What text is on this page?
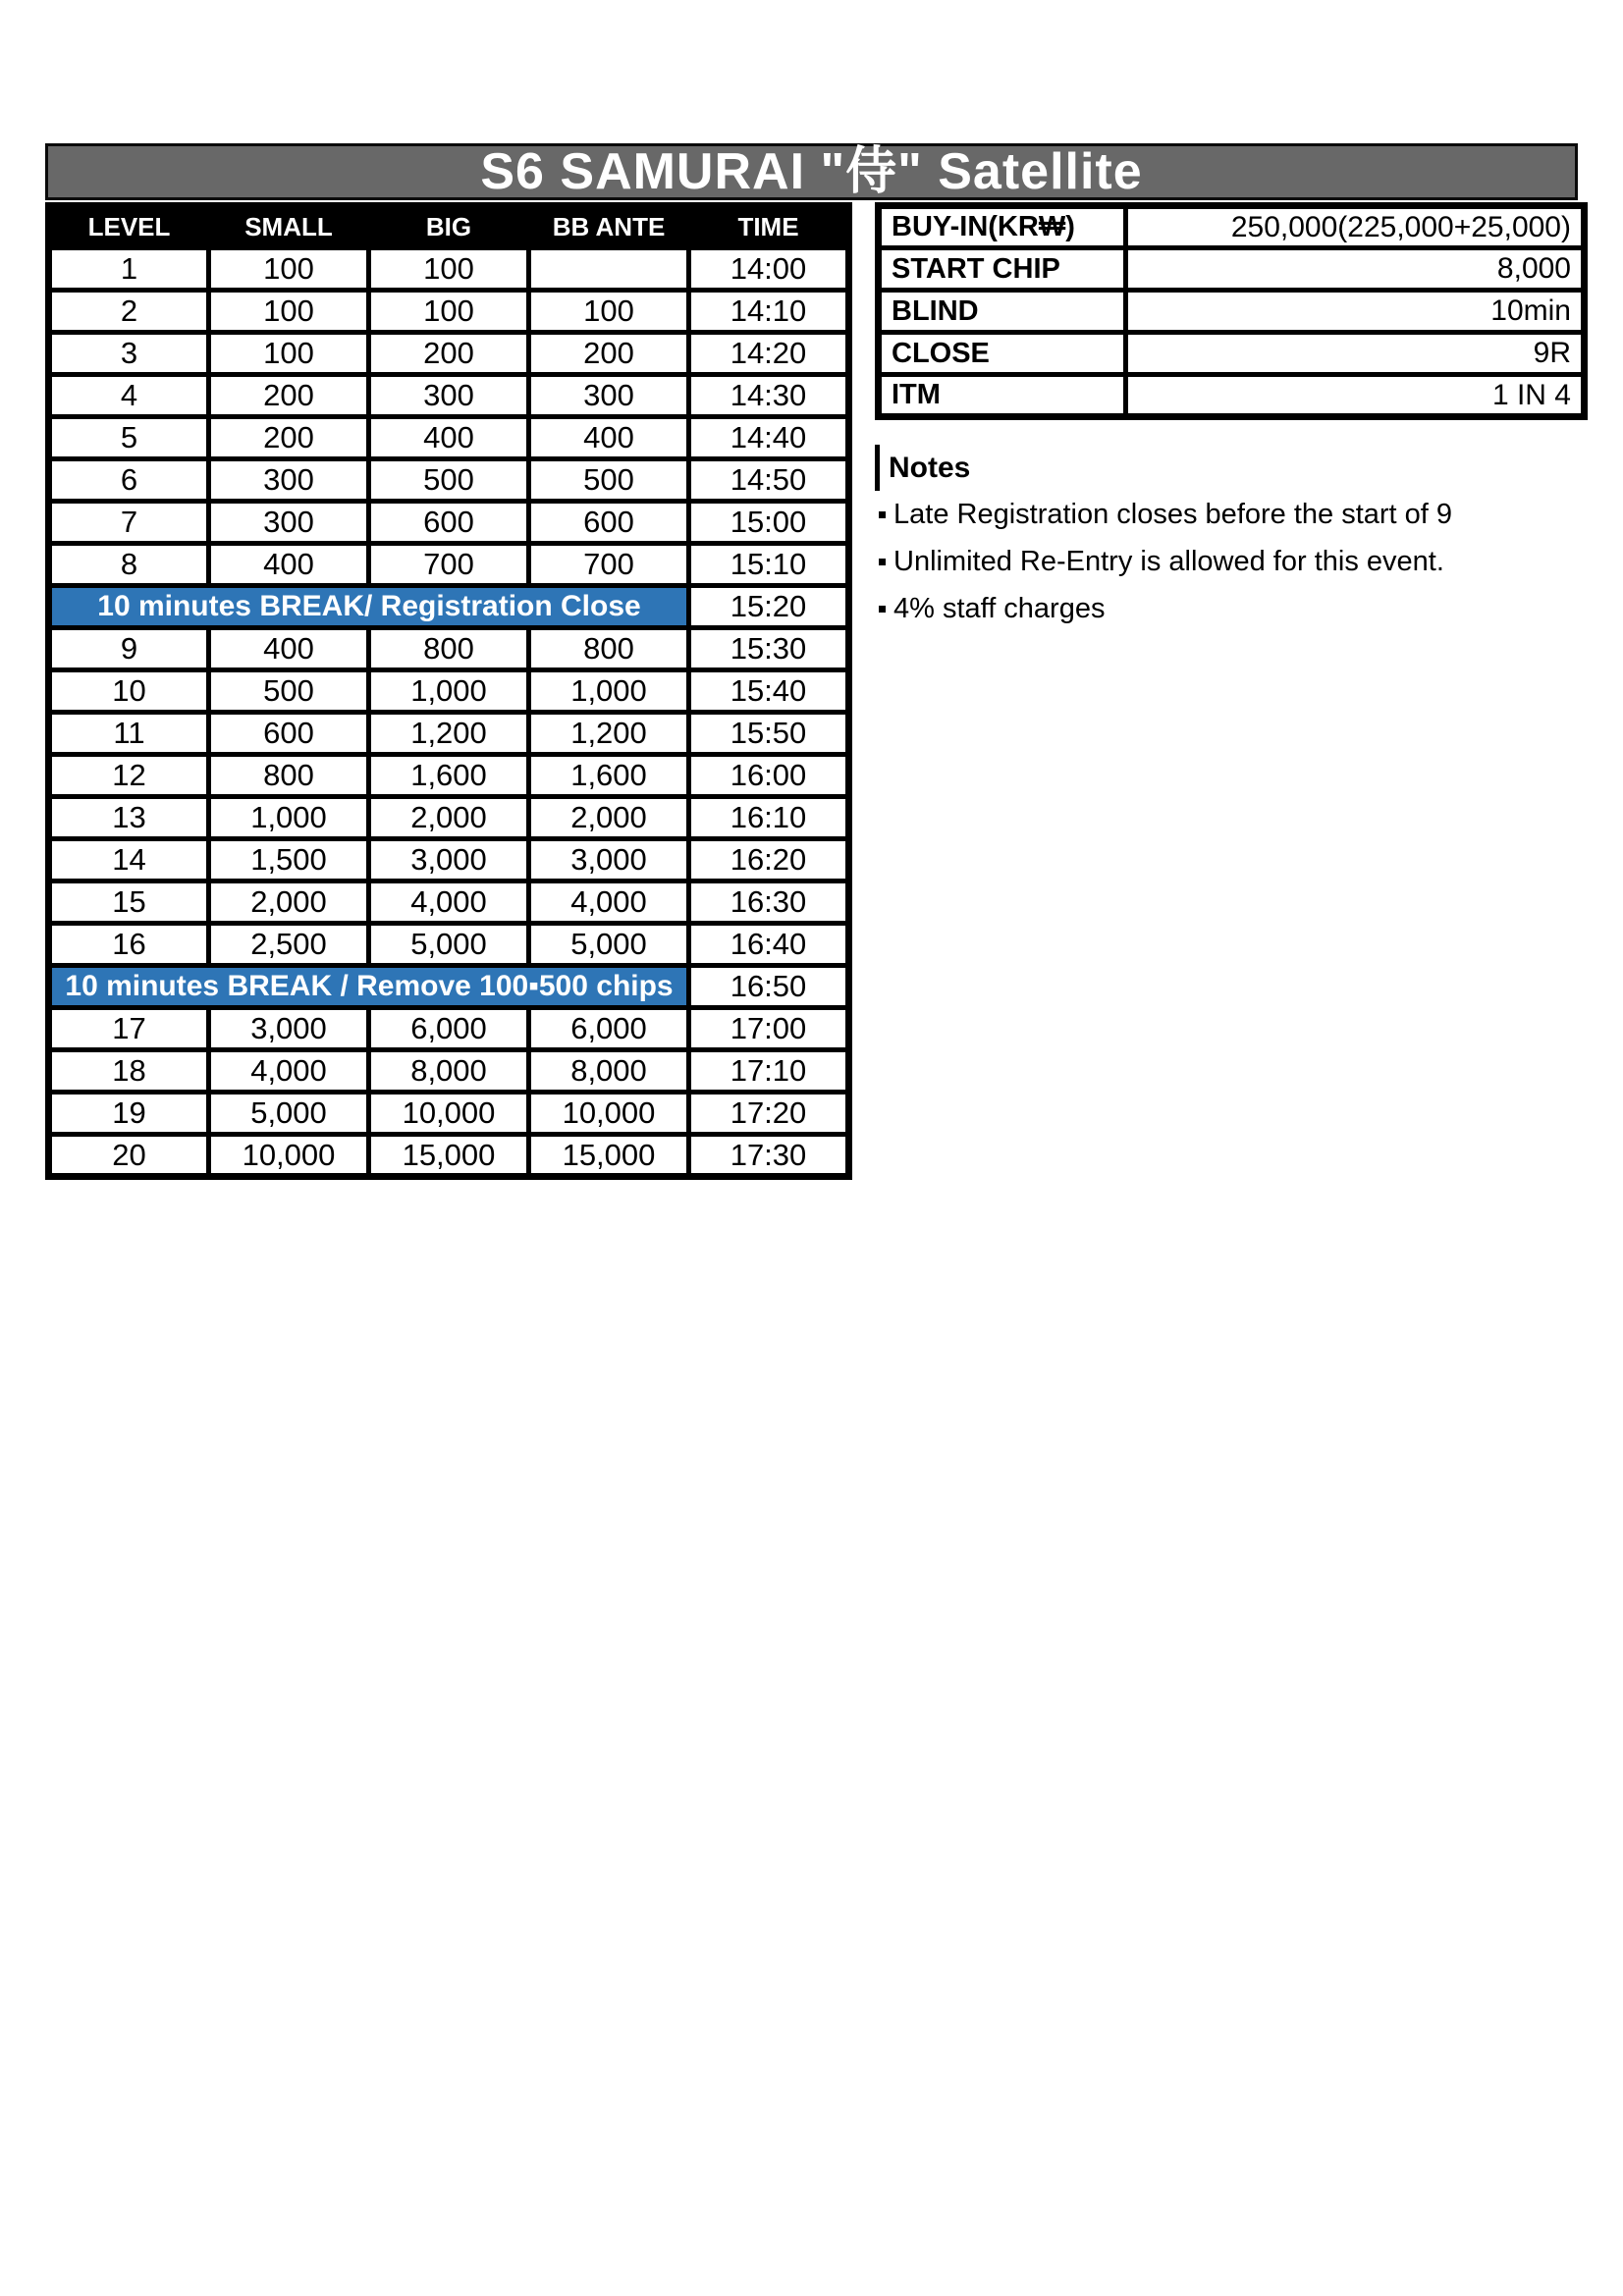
S6 SAMURAI "侍" Satellite
LEVEL	SMALL	BIG	BB ANTE	TIME
1	100	100		14:00
2	100	100	100	14:10
3	100	200	200	14:20
4	200	300	300	14:30
5	200	400	400	14:40
6	300	500	500	14:50
7	300	600	600	15:00
8	400	700	700	15:10
10 minutes BREAK/ Registration Close				15:20
9	400	800	800	15:30
10	500	1,000	1,000	15:40
11	600	1,200	1,200	15:50
12	800	1,600	1,600	16:00
13	1,000	2,000	2,000	16:10
14	1,500	3,000	3,000	16:20
15	2,000	4,000	4,000	16:30
16	2,500	5,000	5,000	16:40
10 minutes BREAK / Remove 100▪500 chips				16:50
17	3,000	6,000	6,000	17:00
18	4,000	8,000	8,000	17:10
19	5,000	10,000	10,000	17:20
20	10,000	15,000	15,000	17:30
BUY-IN(KR₩)	250,000(225,000+25,000)
START CHIP	8,000
BLIND	10min
CLOSE	9R
ITM	1 IN 4
Notes
Late Registration closes before the start of 9
Unlimited Re-Entry is allowed for this event.
4% staff charges
